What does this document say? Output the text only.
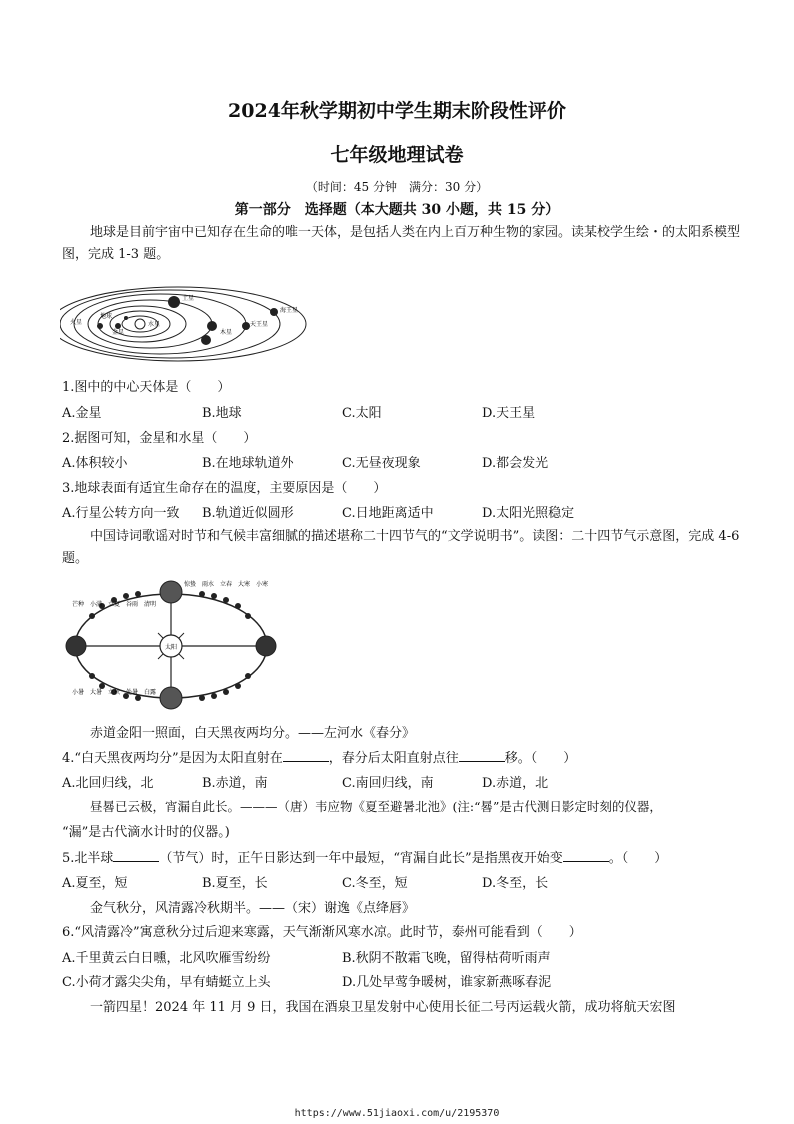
2024年秋学期初中学生期末阶段性评价
七年级地理试卷
（时间：45 分钟　满分：30 分）
第一部分　选择题（本大题共 30 小题，共 15 分）
地球是目前宇宙中已知存在生命的唯一天体，是包括人类在内上百万种生物的家园。读某校学生绘・的太阳系模型图，完成 1-3 题。
海王星
土星
天王星
木星
火星	水星
金星
地球
1.图中的中心天体是（　　）
A.金星	B.地球	C.太阳	D.天王星
2.据图可知，金星和水星（　　）
A.体积较小	B.在地球轨道外	C.无昼夜现象	D.都会发光
3.地球表面有适宜生命存在的温度，主要原因是（　　）
A.行星公转方向一致 B.轨道近似圆形	C.日地距离适中	D.太阳光照稳定
中国诗词歌谣对时节和气候丰富细腻的描述堪称二十四节气的“文学说明书”。读图：二十四节气示意图，完成 4-6 题。
太阳
芒种　小满　立夏　谷雨　清明
惊蛰　雨水　立春　大寒　小寒
小暑　大暑　立秋　处暑　白露
赤道金阳一照面，白天黑夜两均分。——左河水《春分》
4.“白天黑夜两均分”是因为太阳直射在	，春分后太阳直射点往	移。（　　）
A.北回归线，北	B.赤道，南	C.南回归线，南	D.赤道，北
昼晷已云极，宵漏自此长。———（唐）韦应物《夏至避暑北池》(注:“晷”是古代测日影定时刻的仪器，
“漏”是古代滴水计时的仪器。)
5.北半球	（节气）时，正午日影达到一年中最短，“宵漏自此长”是指黑夜开始变	。（　　）
A.夏至，短	B.夏至，长	C.冬至，短	D.冬至，长
金气秋分，风清露冷秋期半。——（宋）谢逸《点绛唇》
6.“风清露冷”寓意秋分过后迎来寒露，天气渐渐风寒水凉。此时节，泰州可能看到（　　）
A.千里黄云白日曛，北风吹雁雪纷纷	B.秋阴不散霜飞晚，留得枯荷听雨声
C.小荷才露尖尖角，早有蜻蜓立上头	D.几处早莺争暖树，谁家新燕啄春泥
一箭四星！2024 年 11 月 9 日，我国在酒泉卫星发射中心使用长征二号丙运载火箭，成功将航天宏图
https://www.51jiaoxi.com/u/2195370
